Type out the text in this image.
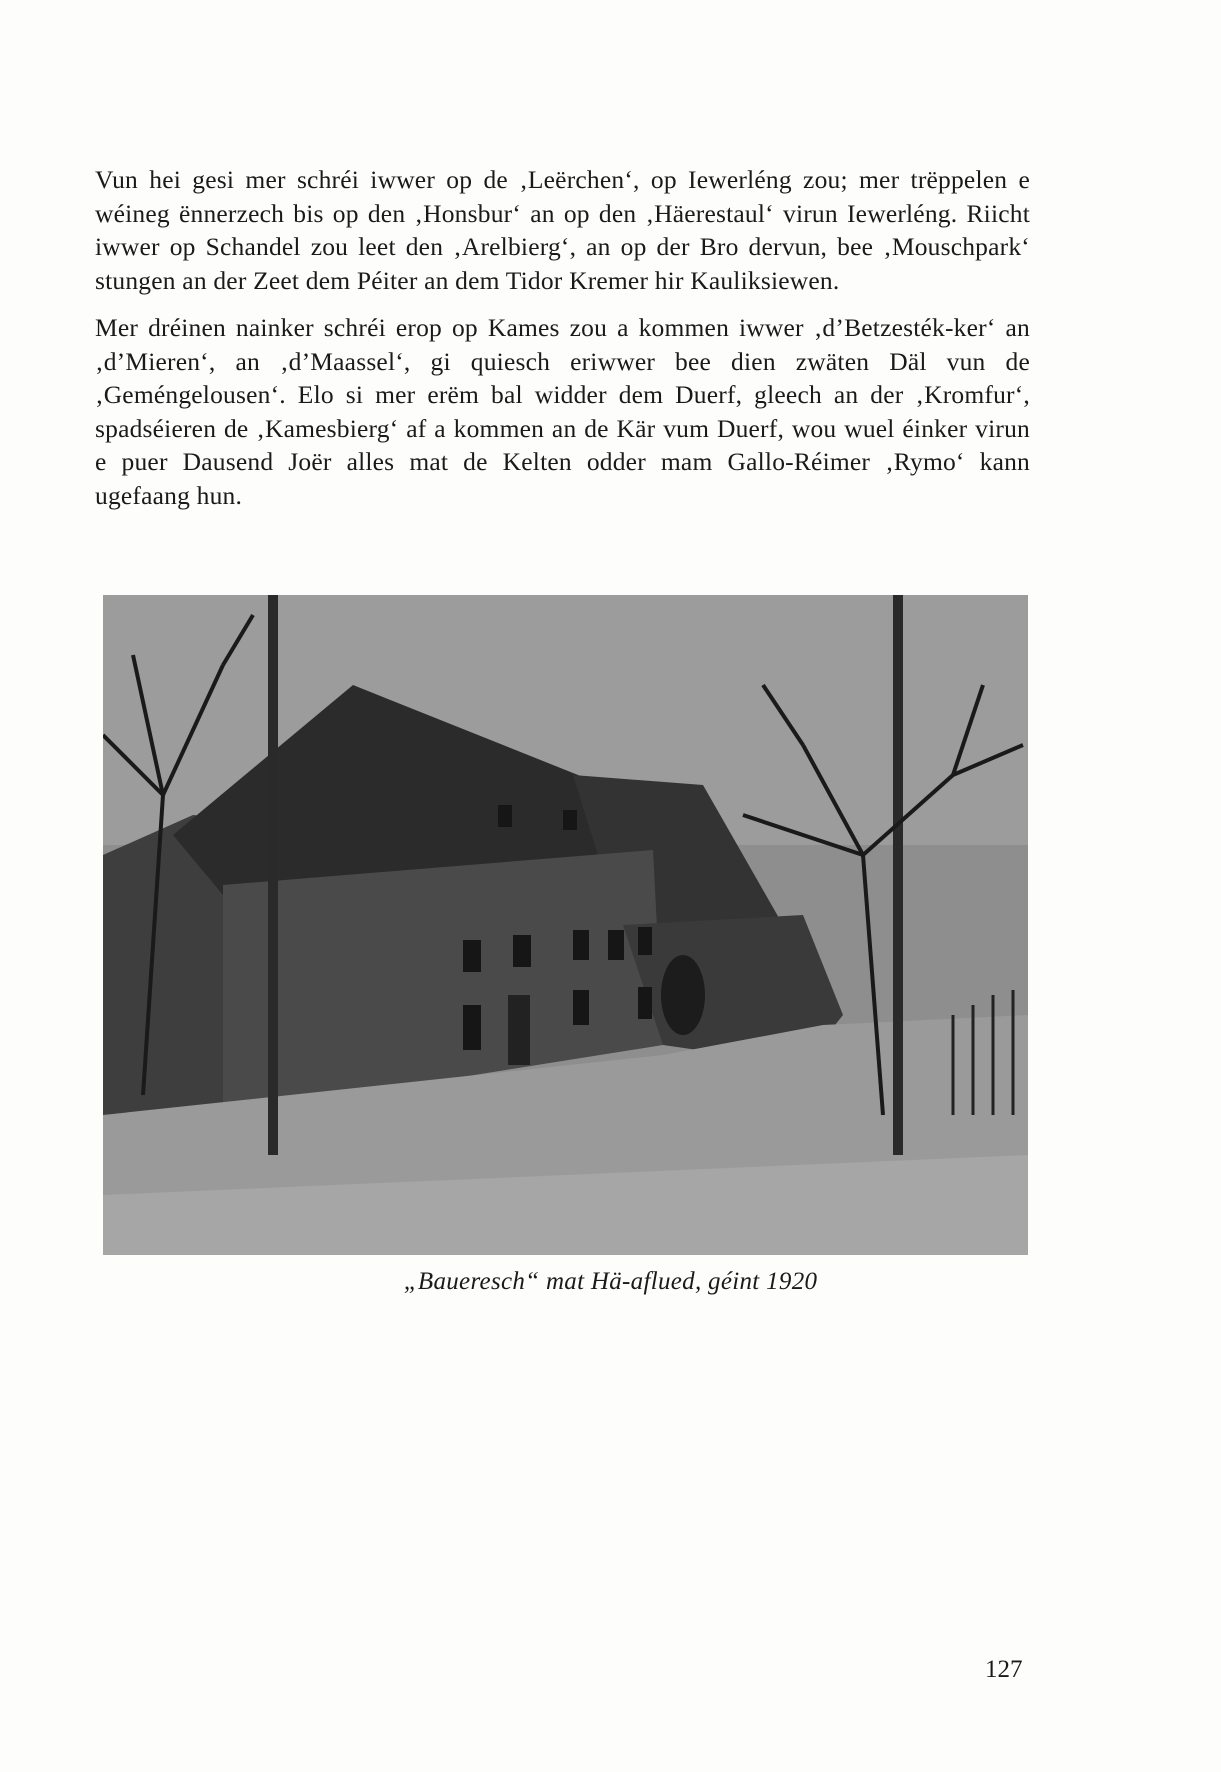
Vun hei gesi mer schréi iwwer op de ‚Leërchen‘, op Iewerléng zou; mer trëppelen e wéineg ënnerzech bis op den ‚Honsbur‘ an op den ‚Häerestaul‘ virun Iewerléng. Riicht iwwer op Schandel zou leet den ‚Arelbierg‘, an op der Bro dervun, bee ‚Mouschpark‘ stungen an der Zeet dem Péiter an dem Tidor Kremer hir Kauliksiewen.

Mer dréinen nainker schréi erop op Kames zou a kommen iwwer ‚d’Betzesték-ker‘ an ‚d’Mieren‘, an ‚d’Maassel‘, gi quiesch eriwwer bee dien zwäten Däl vun de ‚Geméngelousen‘. Elo si mer erëm bal widder dem Duerf, gleech an der ‚Kromfur‘, spadséieren de ‚Kamesbierg‘ af a kommen an de Kär vum Duerf, wou wuel éinker virun e puer Dausend Joër alles mat de Kelten odder mam Gallo-Réimer ‚Rymo‘ kann ugefaang hun.

„Baueresch“ mat Hä-aflued, géint 1920
127
